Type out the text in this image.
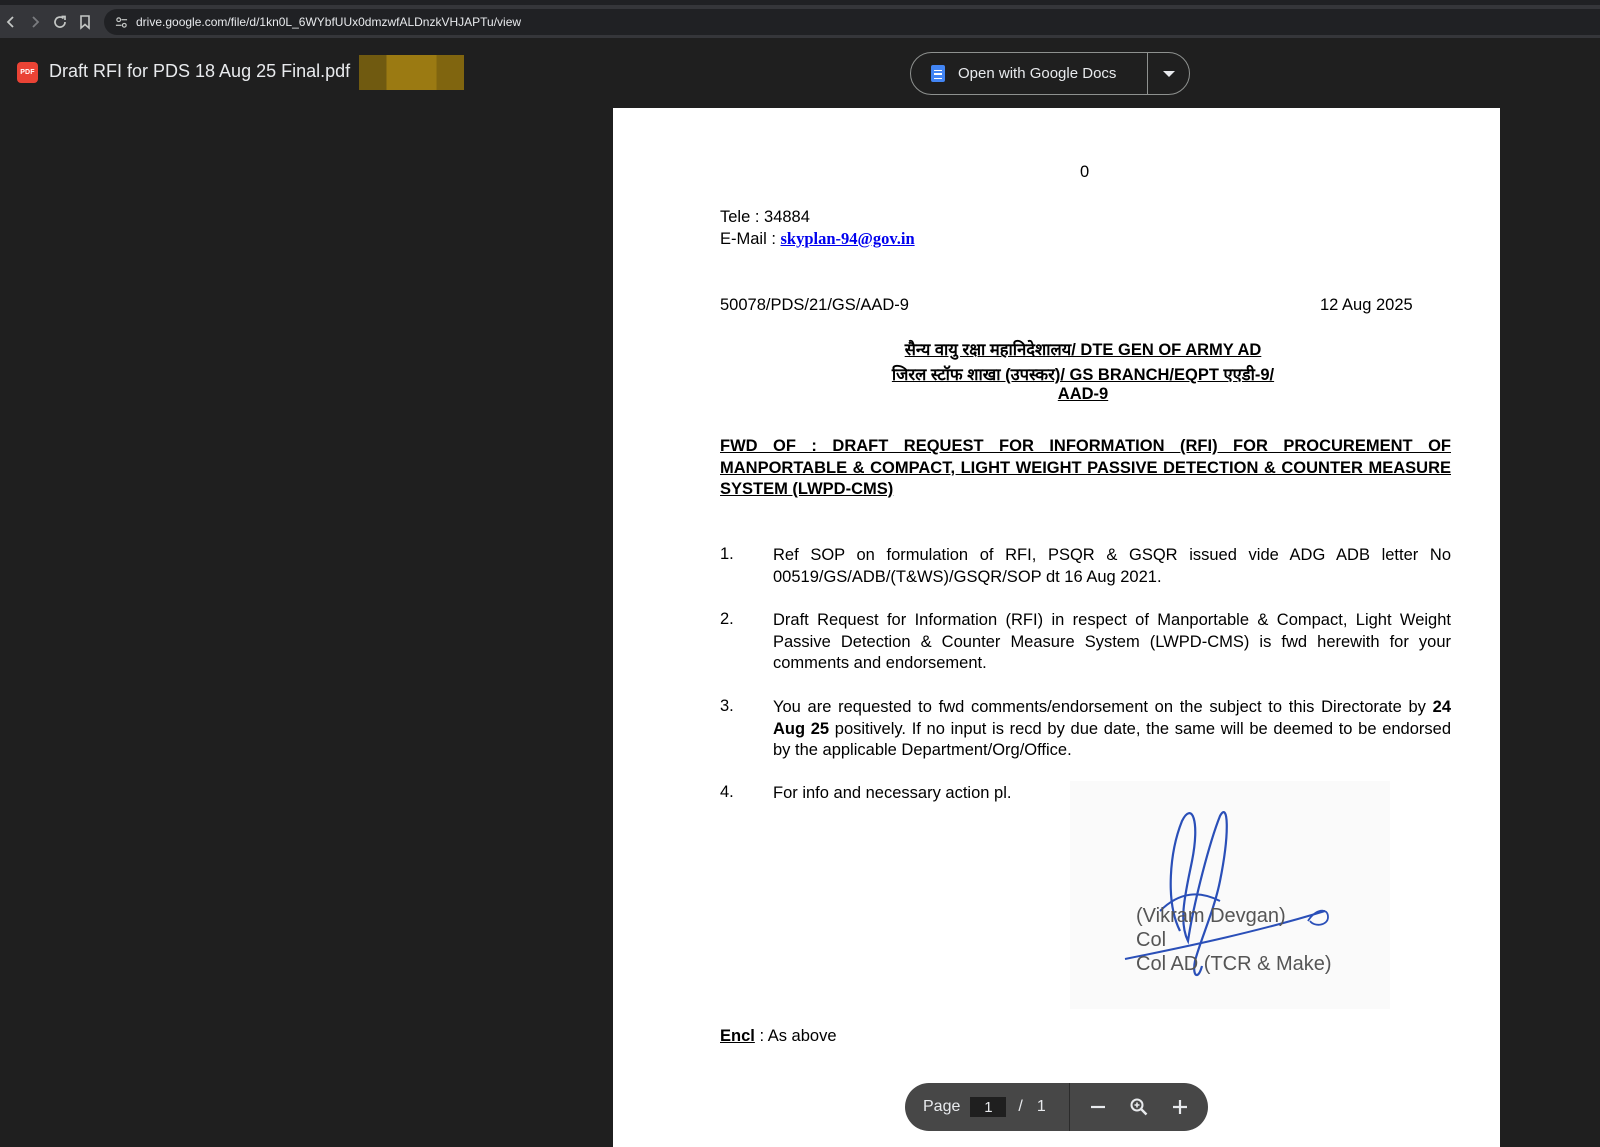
drive.google.com/file/d/1kn0L_6WYbfUUx0dmzwfALDnzkVHJAPTu/view
PDF Draft RFI for PDS 18 Aug 25 Final.pdf	Open with Google Docs
0
Tele : 34884
E-Mail : skyplan-94@gov.in
50078/PDS/21/GS/AAD-9	12 Aug 2025
सैन्य वायु रक्षा महानिदेशालय/ DTE GEN OF ARMY AD
जिरल स्टॉफ शाखा (उपस्कर)/ GS BRANCH/EQPT एएडी-9/
AAD-9
FWD OF : DRAFT REQUEST FOR INFORMATION (RFI) FOR PROCUREMENT OF MANPORTABLE & COMPACT, LIGHT WEIGHT PASSIVE DETECTION & COUNTER MEASURE SYSTEM (LWPD-CMS)
1. Ref SOP on formulation of RFI, PSQR & GSQR issued vide ADG ADB letter No 00519/GS/ADB/(T&WS)/GSQR/SOP dt 16 Aug 2021.
2. Draft Request for Information (RFI) in respect of Manportable & Compact, Light Weight Passive Detection & Counter Measure System (LWPD-CMS) is fwd herewith for your comments and endorsement.
3. You are requested to fwd comments/endorsement on the subject to this Directorate by 24 Aug 25 positively. If no input is recd by due date, the same will be deemed to be endorsed by the applicable Department/Org/Office.
4. For info and necessary action pl.
(Vikram Devgan)
Col
Col AD (TCR & Make)
Encl : As above
Page
1	/ 1
